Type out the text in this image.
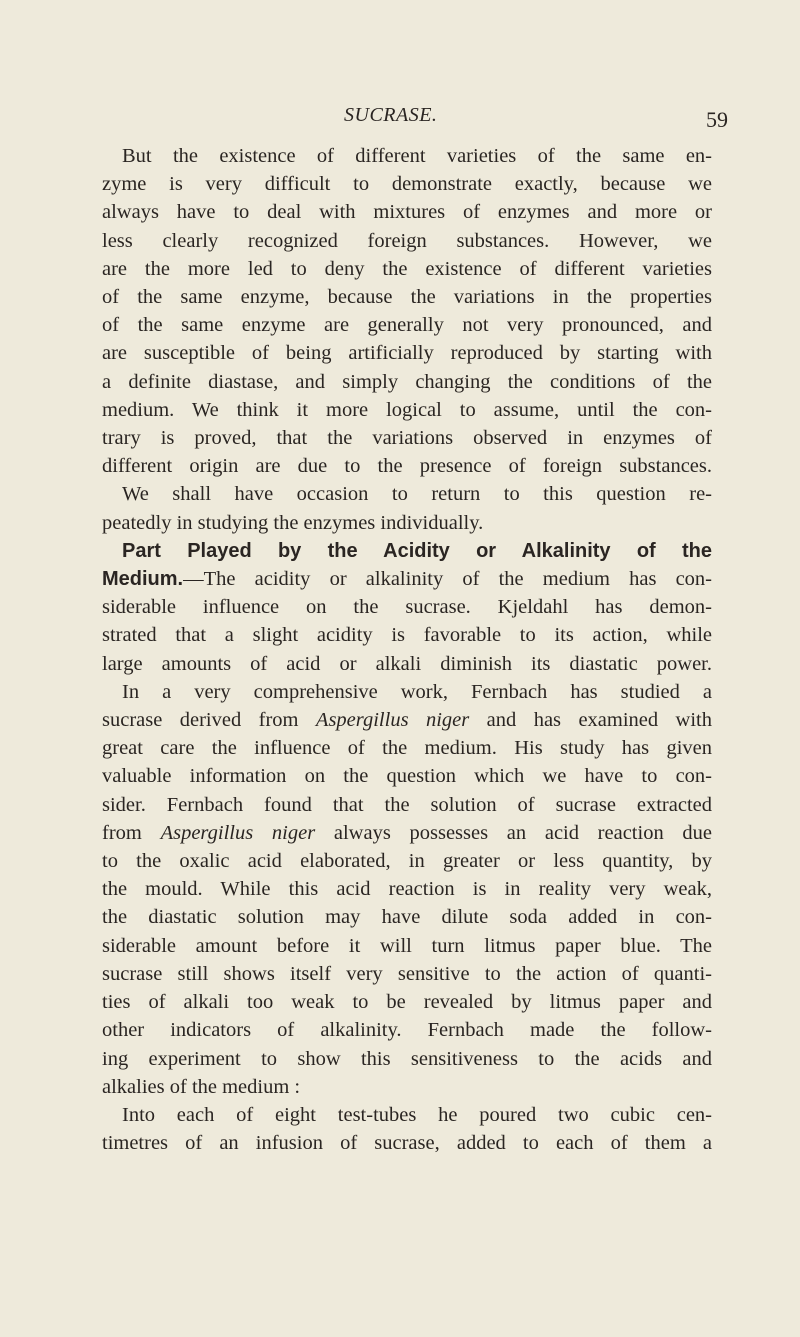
SUCRASE.	59
But the existence of different varieties of the same en-
zyme is very difficult to demonstrate exactly, because we
always have to deal with mixtures of enzymes and more or
less clearly recognized foreign substances. However, we
are the more led to deny the existence of different varieties
of the same enzyme, because the variations in the properties
of the same enzyme are generally not very pronounced, and
are susceptible of being artificially reproduced by starting with
a definite diastase, and simply changing the conditions of the
medium. We think it more logical to assume, until the con-
trary is proved, that the variations observed in enzymes of
different origin are due to the presence of foreign substances.
We shall have occasion to return to this question re-
peatedly in studying the enzymes individually.
Part Played by the Acidity or Alkalinity of the
Medium.—The acidity or alkalinity of the medium has con-
siderable influence on the sucrase. Kjeldahl has demon-
strated that a slight acidity is favorable to its action, while
large amounts of acid or alkali diminish its diastatic power.
In a very comprehensive work, Fernbach has studied a
sucrase derived from Aspergillus niger and has examined with
great care the influence of the medium. His study has given
valuable information on the question which we have to con-
sider. Fernbach found that the solution of sucrase extracted
from Aspergillus niger always possesses an acid reaction due
to the oxalic acid elaborated, in greater or less quantity, by
the mould. While this acid reaction is in reality very weak,
the diastatic solution may have dilute soda added in con-
siderable amount before it will turn litmus paper blue. The
sucrase still shows itself very sensitive to the action of quanti-
ties of alkali too weak to be revealed by litmus paper and
other indicators of alkalinity. Fernbach made the follow-
ing experiment to show this sensitiveness to the acids and
alkalies of the medium :
Into each of eight test-tubes he poured two cubic cen-
timetres of an infusion of sucrase, added to each of them a
